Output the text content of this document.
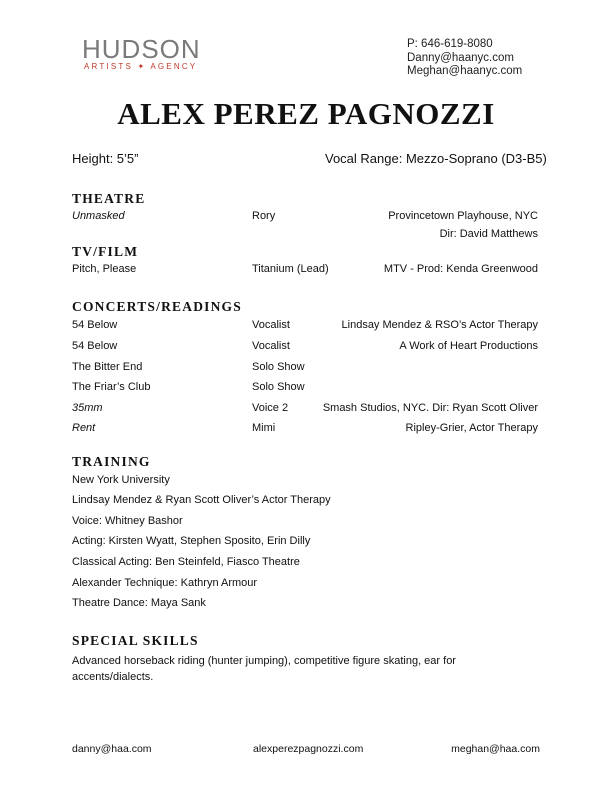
HUDSON
ARTISTS ✦ AGENCY
P: 646-619-8080
Danny@haanyc.com
Meghan@haanyc.com
ALEX PEREZ PAGNOZZI
Height: 5’5”	Vocal Range: Mezzo-Soprano (D3-B5)
THEATRE
Unmasked	Rory	Provincetown Playhouse, NYC
Dir: David Matthews
TV/FILM
Pitch, Please	Titanium (Lead)	MTV - Prod: Kenda Greenwood
CONCERTS/READINGS
54 Below	Vocalist	Lindsay Mendez & RSO’s Actor Therapy
54 Below	Vocalist	A Work of Heart Productions
The Bitter End	Solo Show
The Friar’s Club	Solo Show
35mm	Voice 2	Smash Studios, NYC. Dir: Ryan Scott Oliver
Rent	Mimi	Ripley-Grier, Actor Therapy
TRAINING
New York University
Lindsay Mendez & Ryan Scott Oliver’s Actor Therapy
Voice: Whitney Bashor
Acting: Kirsten Wyatt, Stephen Sposito, Erin Dilly
Classical Acting: Ben Steinfeld, Fiasco Theatre
Alexander Technique: Kathryn Armour
Theatre Dance: Maya Sank
SPECIAL SKILLS
Advanced horseback riding (hunter jumping), competitive figure skating, ear for accents/dialects.
danny@haa.com	alexperezpagnozzi.com	meghan@haa.com
